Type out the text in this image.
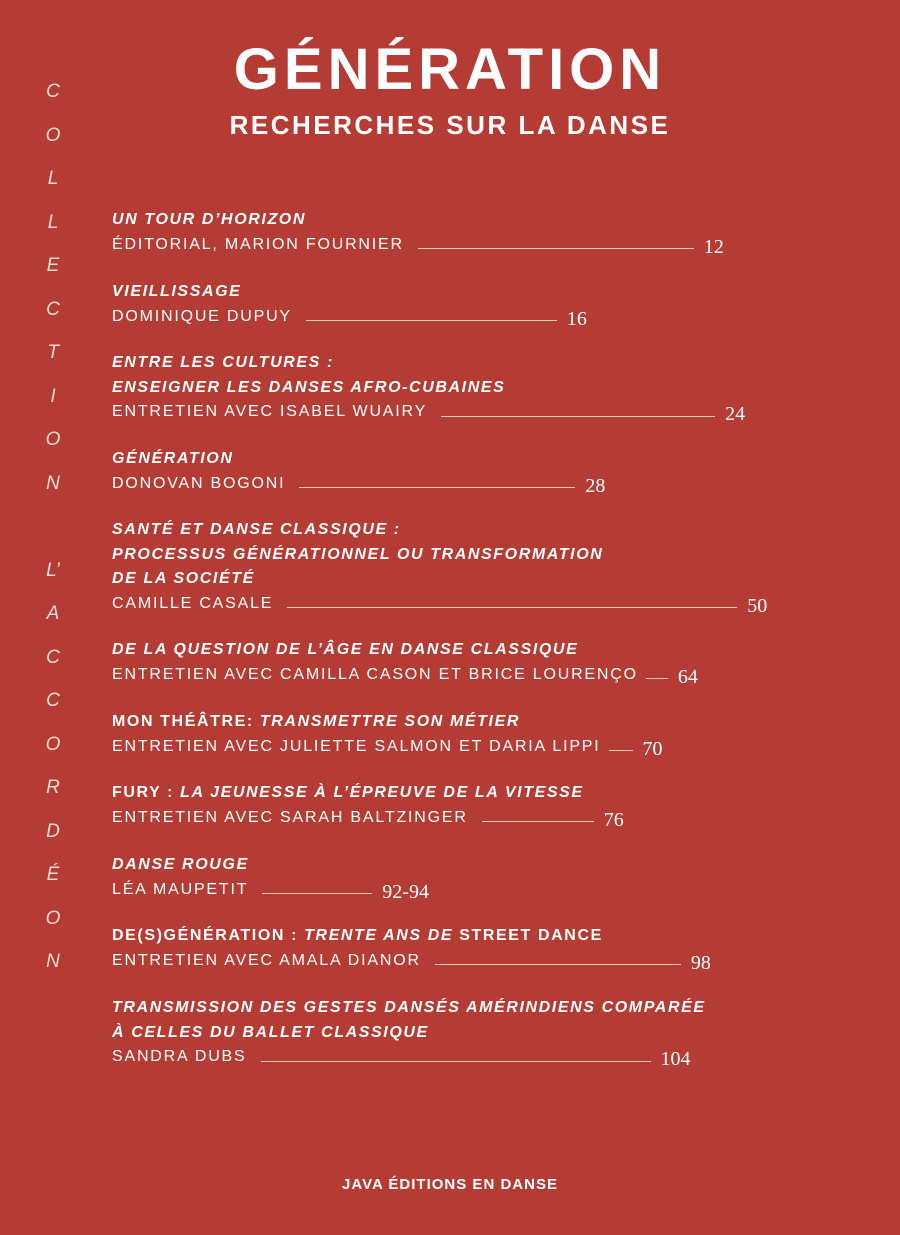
C
O
L
L
E
C
T
I
O
N
L’
A
C
C
O
R
D
É
O
N
GÉNÉRATION
RECHERCHES SUR LA DANSE
UN TOUR D’HORIZON
ÉDITORIAL, MARION FOURNIER	12
VIEILLISSAGE
DOMINIQUE DUPUY	16
ENTRE LES CULTURES :
ENSEIGNER LES DANSES AFRO-CUBAINES
ENTRETIEN AVEC ISABEL WUAIRY	24
GÉNÉRATION
DONOVAN BOGONI	28
SANTÉ ET DANSE CLASSIQUE :
PROCESSUS GÉNÉRATIONNEL OU TRANSFORMATION
DE LA SOCIÉTÉ
CAMILLE CASALE	50
DE LA QUESTION DE L’ÂGE EN DANSE CLASSIQUE
ENTRETIEN AVEC CAMILLA CASON ET BRICE LOURENÇO 64
MON THÉÂTRE: TRANSMETTRE SON MÉTIER
ENTRETIEN AVEC JULIETTE SALMON ET DARIA LIPPI 70
FURY : LA JEUNESSE À L’ÉPREUVE DE LA VITESSE
ENTRETIEN AVEC SARAH BALTZINGER	76
DANSE ROUGE
LÉA MAUPETIT	92-94
DE(S)GÉNÉRATION : TRENTE ANS DE STREET DANCE
ENTRETIEN AVEC AMALA DIANOR	98
TRANSMISSION DES GESTES DANSÉS AMÉRINDIENS COMPARÉE
À CELLES DU BALLET CLASSIQUE
SANDRA DUBS	104
JAVA ÉDITIONS EN DANSE
